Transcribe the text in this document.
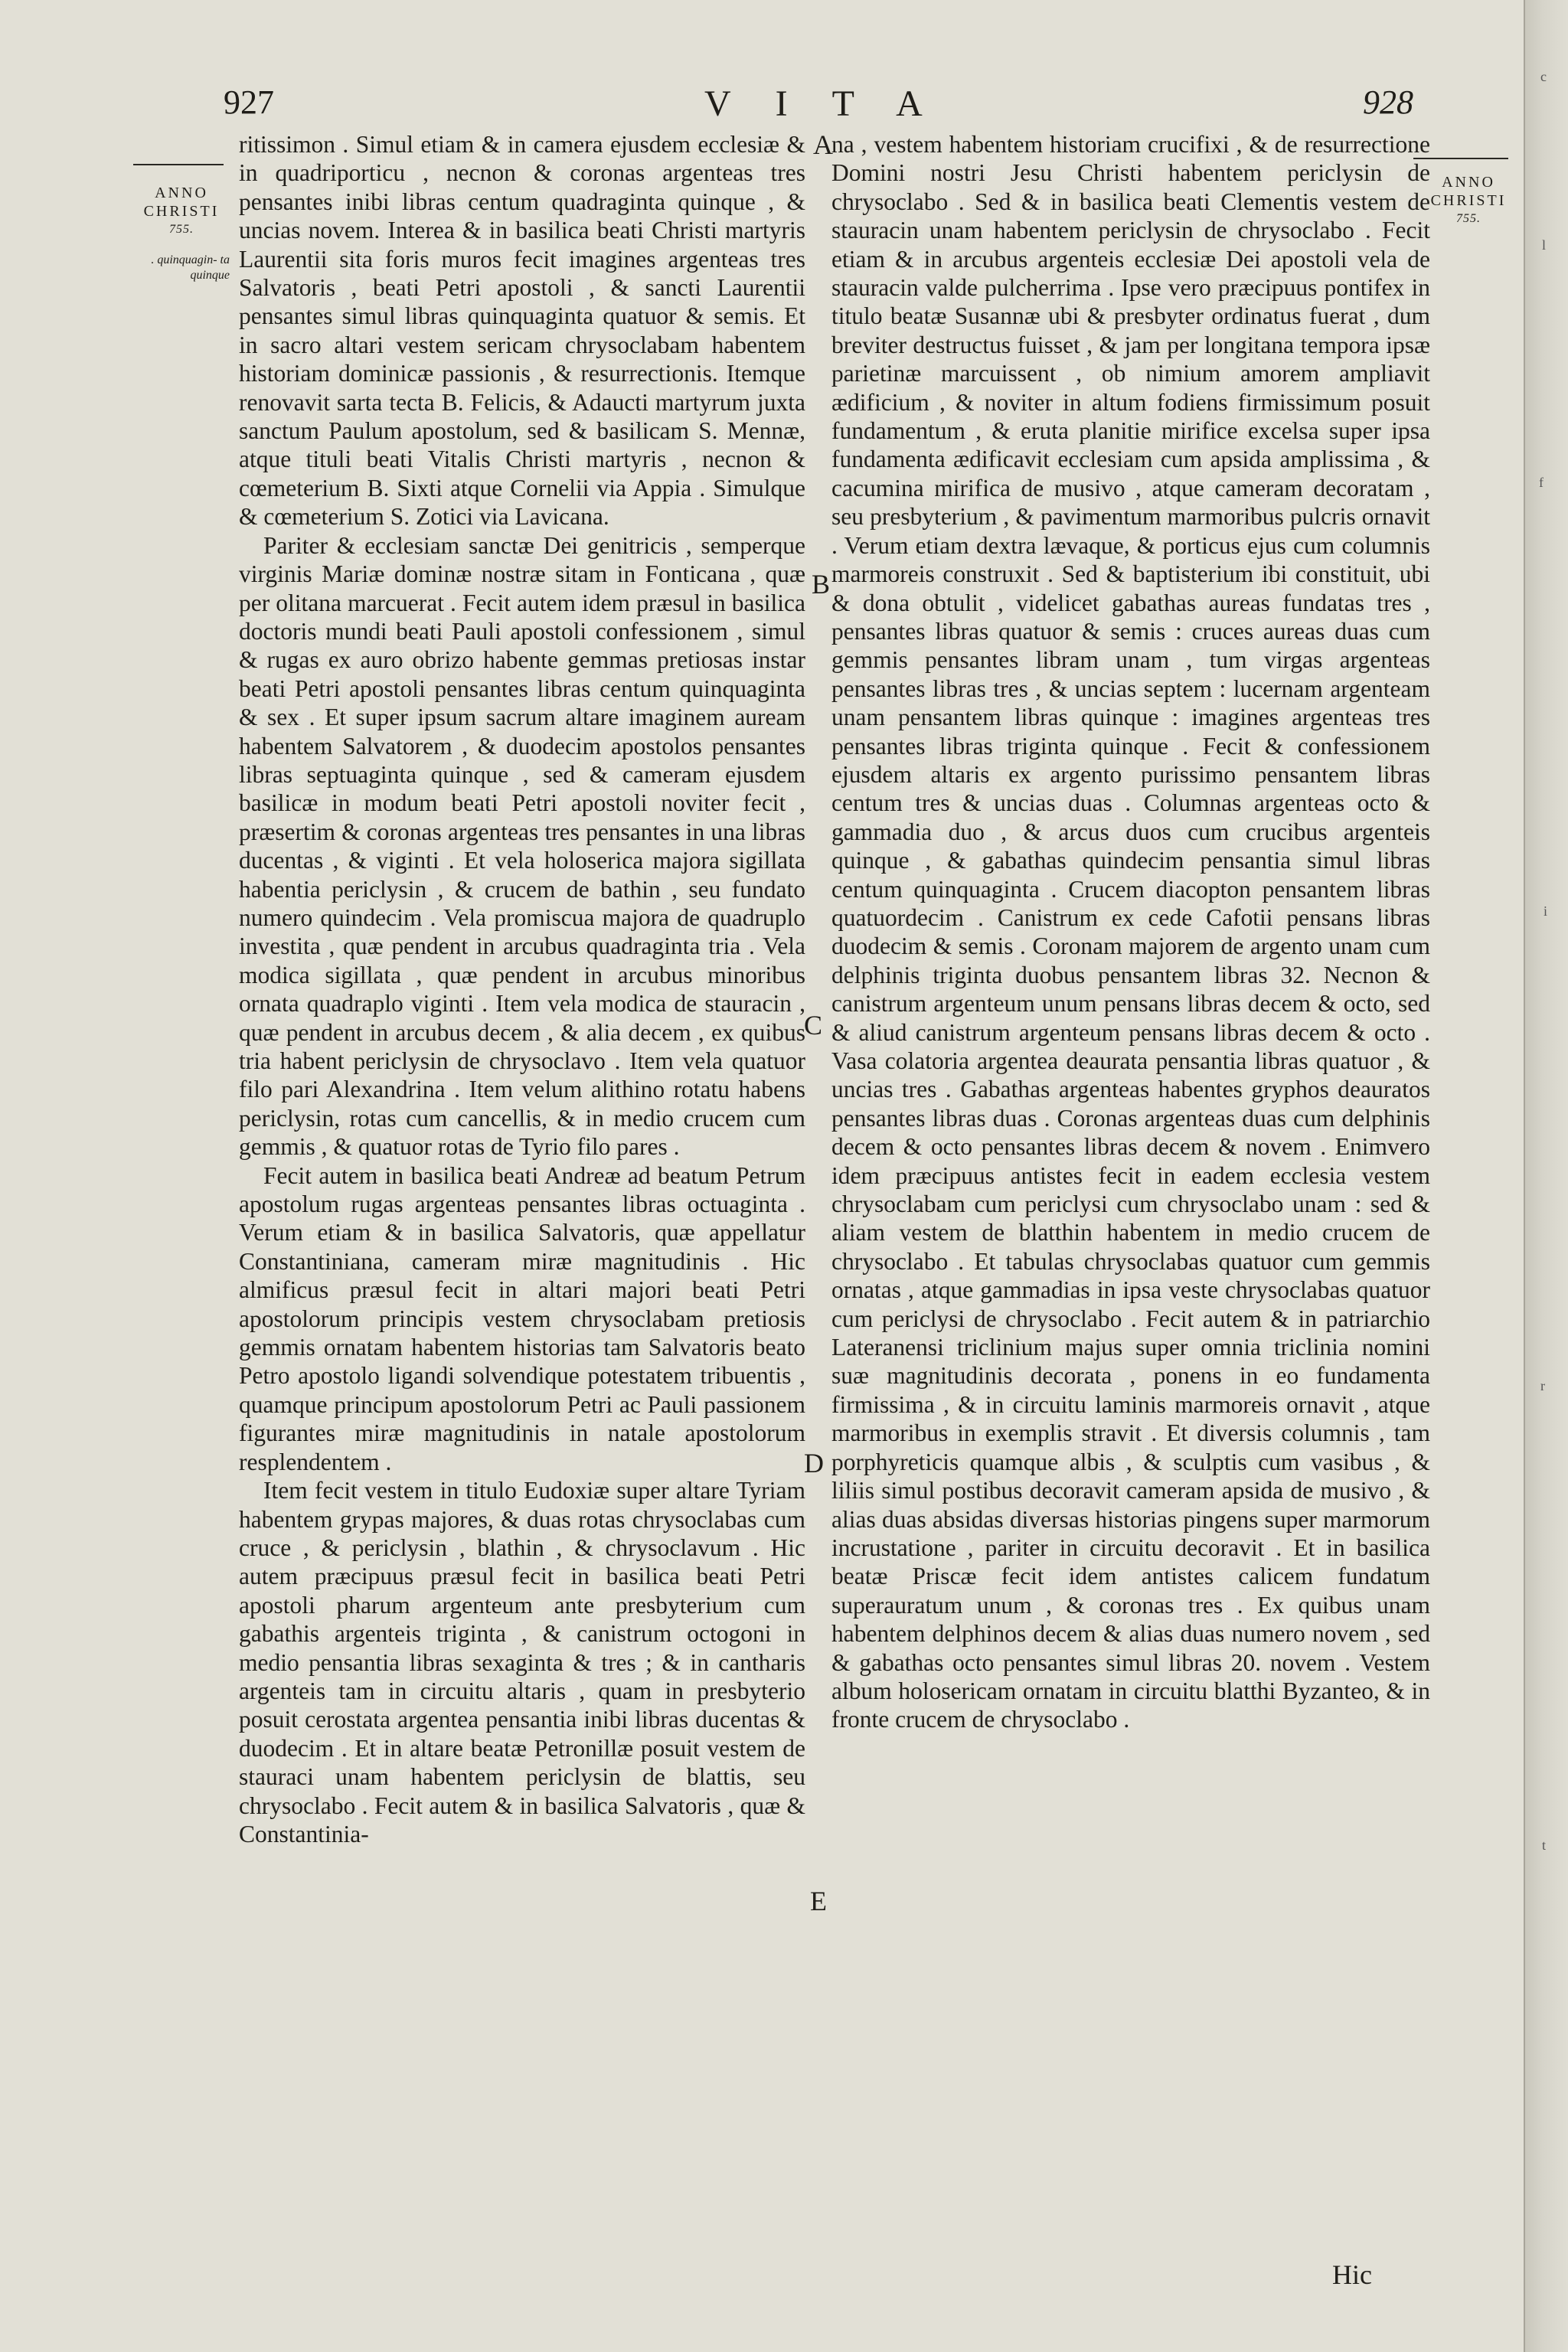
927	VITA	928
ANNO
CHRISTI
755.
. quinquagin- ta quinque
ANNO
CHRISTI
755.

ritissimon . Simul etiam & in camera ejusdem ecclesiæ & in quadriporticu , necnon & coronas argenteas tres pensantes inibi libras centum quadraginta quinque , & uncias novem. Interea & in basilica beati Christi martyris Laurentii sita foris muros fecit imagines argenteas tres Salvatoris , beati Petri apostoli , & sancti Laurentii pensantes simul libras quinquaginta quatuor & semis. Et in sacro altari vestem sericam chrysoclabam habentem historiam dominicæ passionis , & resurrectionis. Itemque renovavit sarta tecta B. Felicis, & Adaucti martyrum juxta sanctum Paulum apostolum, sed & basilicam S. Mennæ, atque tituli beati Vitalis Christi martyris , necnon & cœmeterium B. Sixti atque Cornelii via Appia . Simulque & cœmeterium S. Zotici via Lavicana.

Pariter & ecclesiam sanctæ Dei genitricis , semperque virginis Mariæ dominæ nostræ sitam in Fonticana , quæ per olitana marcuerat . Fecit autem idem præsul in basilica doctoris mundi beati Pauli apostoli confessionem , simul & rugas ex auro obrizo habente gemmas pretiosas instar beati Petri apostoli pensantes libras centum quinquaginta & sex . Et super ipsum sacrum altare imaginem auream habentem Salvatorem , & duodecim apostolos pensantes libras septuaginta quinque , sed & cameram ejusdem basilicæ in modum beati Petri apostoli noviter fecit , præsertim & coronas argenteas tres pensantes in una libras ducentas , & viginti . Et vela holoserica majora sigillata habentia periclysin , & crucem de bathin , seu fundato numero quindecim . Vela promiscua majora de quadruplo investita , quæ pendent in arcubus quadraginta tria . Vela modica sigillata , quæ pendent in arcubus minoribus ornata quadraplo viginti . Item vela modica de stauracin , quæ pendent in arcubus decem , & alia decem , ex quibus tria habent periclysin de chrysoclavo . Item vela quatuor filo pari Alexandrina . Item velum alithino rotatu habens periclysin, rotas cum cancellis, & in medio crucem cum gemmis , & quatuor rotas de Tyrio filo pares .

Fecit autem in basilica beati Andreæ ad beatum Petrum apostolum rugas argenteas pensantes libras octuaginta . Verum etiam & in basilica Salvatoris, quæ appellatur Constantiniana, cameram miræ magnitudinis . Hic almificus præsul fecit in altari majori beati Petri apostolorum principis vestem chrysoclabam pretiosis gemmis ornatam habentem historias tam Salvatoris beato Petro apostolo ligandi solvendique potestatem tribuentis , quamque principum apostolorum Petri ac Pauli passionem figurantes miræ magnitudinis in natale apostolorum resplendentem .

Item fecit vestem in titulo Eudoxiæ super altare Tyriam habentem grypas majores, & duas rotas chrysoclabas cum cruce , & periclysin , blathin , & chrysoclavum . Hic autem præcipuus præsul fecit in basilica beati Petri apostoli pharum argenteum ante presbyterium cum gabathis argenteis triginta , & canistrum octogoni in medio pensantia libras sexaginta & tres ; & in cantharis argenteis tam in circuitu altaris , quam in presbyterio posuit cerostata argentea pensantia inibi libras ducentas & duodecim . Et in altare beatæ Petronillæ posuit vestem de stauraci unam habentem periclysin de blattis, seu chrysoclabo . Fecit autem & in basilica Salvatoris , quæ & Constantinia-

A
B
C
D
E

na , vestem habentem historiam crucifixi , & de resurrectione Domini nostri Jesu Christi habentem periclysin de chrysoclabo . Sed & in basilica beati Clementis vestem de stauracin unam habentem periclysin de chrysoclabo . Fecit etiam & in arcubus argenteis ecclesiæ Dei apostoli vela de stauracin valde pulcherrima . Ipse vero præcipuus pontifex in titulo beatæ Susannæ ubi & presbyter ordinatus fuerat , dum breviter destructus fuisset , & jam per longitana tempora ipsæ parietinæ marcuissent , ob nimium amorem ampliavit ædificium , & noviter in altum fodiens firmissimum posuit fundamentum , & eruta planitie mirifice excelsa super ipsa fundamenta ædificavit ecclesiam cum apsida amplissima , & cacumina mirifica de musivo , atque cameram decoratam , seu presbyterium , & pavimentum marmoribus pulcris ornavit . Verum etiam dextra lævaque, & porticus ejus cum columnis marmoreis construxit . Sed & baptisterium ibi constituit, ubi & dona obtulit , videlicet gabathas aureas fundatas tres , pensantes libras quatuor & semis : cruces aureas duas cum gemmis pensantes libram unam , tum virgas argenteas pensantes libras tres , & uncias septem : lucernam argenteam unam pensantem libras quinque : imagines argenteas tres pensantes libras triginta quinque . Fecit & confessionem ejusdem altaris ex argento purissimo pensantem libras centum tres & uncias duas . Columnas argenteas octo & gammadia duo , & arcus duos cum crucibus argenteis quinque , & gabathas quindecim pensantia simul libras centum quinquaginta . Crucem diacopton pensantem libras quatuordecim . Canistrum ex cede Cafotii pensans libras duodecim & semis . Coronam majorem de argento unam cum delphinis triginta duobus pensantem libras 32. Necnon & canistrum argenteum unum pensans libras decem & octo, sed & aliud canistrum argenteum pensans libras decem & octo . Vasa colatoria argentea deaurata pensantia libras quatuor , & uncias tres . Gabathas argenteas habentes gryphos deauratos pensantes libras duas . Coronas argenteas duas cum delphinis decem & octo pensantes libras decem & novem . Enimvero idem præcipuus antistes fecit in eadem ecclesia vestem chrysoclabam cum periclysi cum chrysoclabo unam : sed & aliam vestem de blatthin habentem in medio crucem de chrysoclabo . Et tabulas chrysoclabas quatuor cum gemmis ornatas , atque gammadias in ipsa veste chrysoclabas quatuor cum periclysi de chrysoclabo . Fecit autem & in patriarchio Lateranensi triclinium majus super omnia triclinia nomini suæ magnitudinis decorata , ponens in eo fundamenta firmissima , & in circuitu laminis marmoreis ornavit , atque marmoribus in exemplis stravit . Et diversis columnis , tam porphyreticis quamque albis , & sculptis cum vasibus , & liliis simul postibus decoravit cameram apsida de musivo , & alias duas absidas diversas historias pingens super marmorum incrustatione , pariter in circuitu decoravit . Et in basilica beatæ Priscæ fecit idem antistes calicem fundatum superauratum unum , & coronas tres . Ex quibus unam habentem delphinos decem & alias duas numero novem , sed & gabathas octo pensantes simul libras 20. novem . Vestem album holosericam ornatam in circuitu blatthi Byzanteo, & in fronte crucem de chrysoclabo .

Hic
c
l
f
i
r
t
